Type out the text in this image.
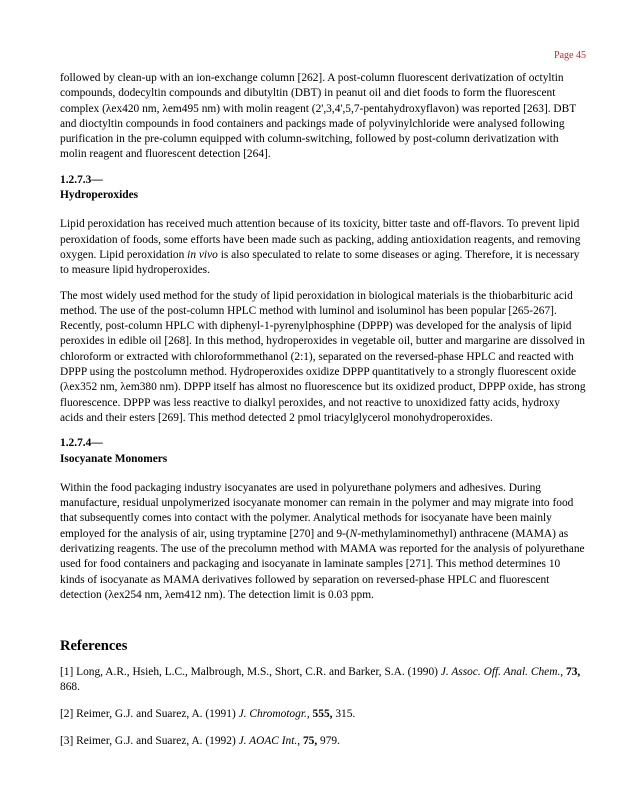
Page 45

followed by clean-up with an ion-exchange column [262]. A post-column fluorescent derivatization of octyltin compounds, dodecyltin compounds and dibutyltin (DBT) in peanut oil and diet foods to form the fluorescent complex (λex420 nm, λem495 nm) with molin reagent (2',3,4',5,7-pentahydroxyflavon) was reported [263]. DBT and dioctyltin compounds in food containers and packings made of polyvinylchloride were analysed following purification in the pre-column equipped with column-switching, followed by post-column derivatization with molin reagent and fluorescent detection [264].

1.2.7.3—
Hydroperoxides

Lipid peroxidation has received much attention because of its toxicity, bitter taste and off-flavors. To prevent lipid peroxidation of foods, some efforts have been made such as packing, adding antioxidation reagents, and removing oxygen. Lipid peroxidation in vivo is also speculated to relate to some diseases or aging. Therefore, it is necessary to measure lipid hydroperoxides.

The most widely used method for the study of lipid peroxidation in biological materials is the thiobarbituric acid method. The use of the post-column HPLC method with luminol and isoluminol has been popular [265-267]. Recently, post-column HPLC with diphenyl-1-pyrenylphosphine (DPPP) was developed for the analysis of lipid peroxides in edible oil [268]. In this method, hydroperoxides in vegetable oil, butter and margarine are dissolved in chloroform or extracted with chloroformmethanol (2:1), separated on the reversed-phase HPLC and reacted with DPPP using the postcolumn method. Hydroperoxides oxidize DPPP quantitatively to a strongly fluorescent oxide (λex352 nm, λem380 nm). DPPP itself has almost no fluorescence but its oxidized product, DPPP oxide, has strong fluorescence. DPPP was less reactive to dialkyl peroxides, and not reactive to unoxidized fatty acids, hydroxy acids and their esters [269]. This method detected 2 pmol triacylglycerol monohydroperoxides.

1.2.7.4—
Isocyanate Monomers

Within the food packaging industry isocyanates are used in polyurethane polymers and adhesives. During manufacture, residual unpolymerized isocyanate monomer can remain in the polymer and may migrate into food that subsequently comes into contact with the polymer. Analytical methods for isocyanate have been mainly employed for the analysis of air, using tryptamine [270] and 9-(N-methylaminomethyl) anthracene (MAMA) as derivatizing reagents. The use of the precolumn method with MAMA was reported for the analysis of polyurethane used for food containers and packaging and isocyanate in laminate samples [271]. This method determines 10 kinds of isocyanate as MAMA derivatives followed by separation on reversed-phase HPLC and fluorescent detection (λex254 nm, λem412 nm). The detection limit is 0.03 ppm.

References
[1] Long, A.R., Hsieh, L.C., Malbrough, M.S., Short, C.R. and Barker, S.A. (1990) J. Assoc. Off. Anal. Chem., 73, 868.
[2] Reimer, G.J. and Suarez, A. (1991) J. Chromotogr., 555, 315.
[3] Reimer, G.J. and Suarez, A. (1992) J. AOAC Int., 75, 979.
